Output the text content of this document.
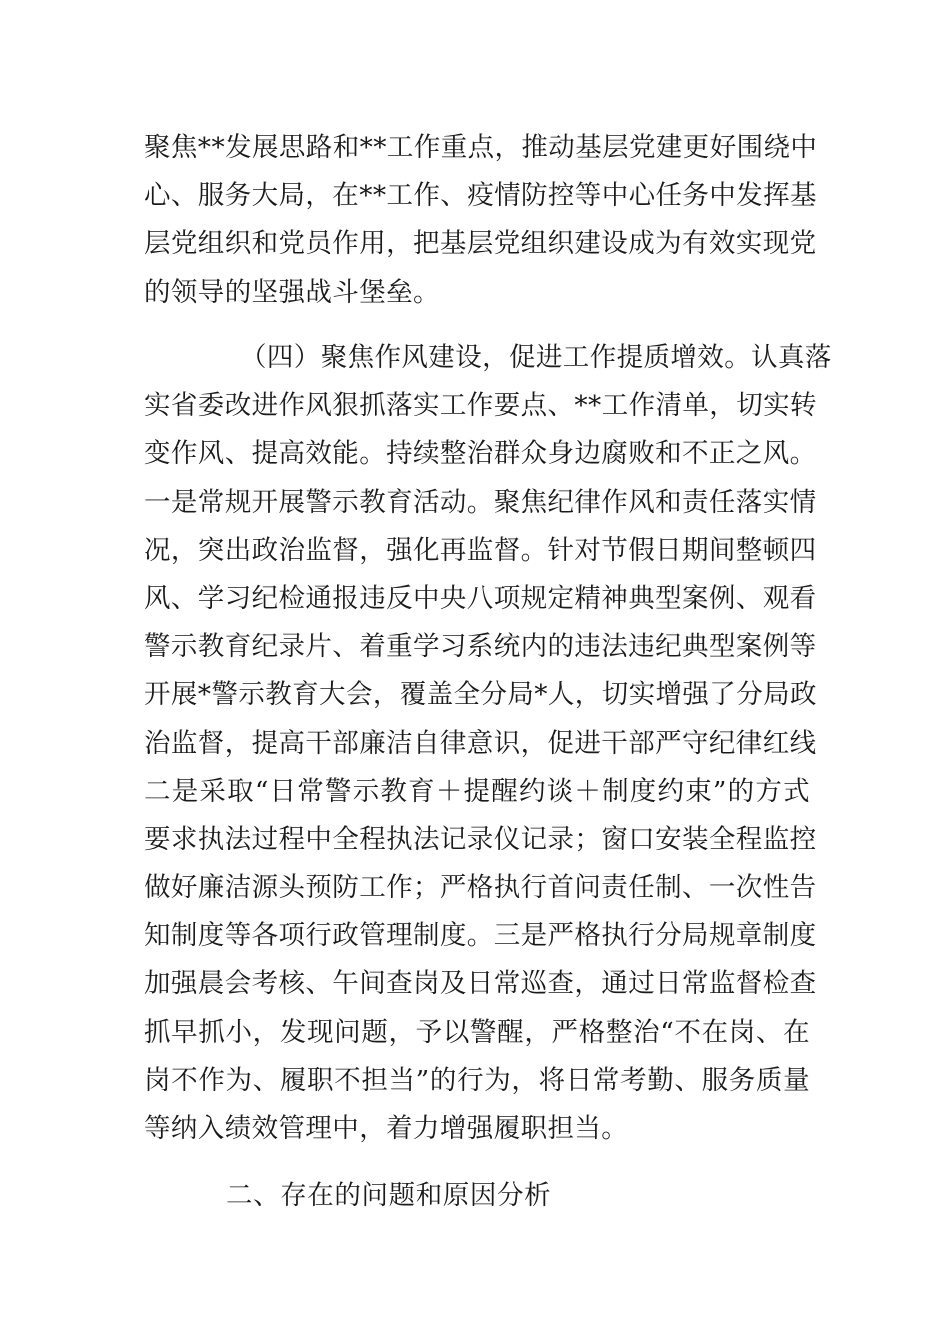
聚焦**发展思路和**工作重点，推动基层党建更好围绕中
心、服务大局，在**工作、疫情防控等中心任务中发挥基
层党组织和党员作用，把基层党组织建设成为有效实现党
的领导的坚强战斗堡垒。
（四）聚焦作风建设，促进工作提质增效。认真落
实省委改进作风狠抓落实工作要点、**工作清单，切实转
变作风、提高效能。持续整治群众身边腐败和不正之风。
一是常规开展警示教育活动。聚焦纪律作风和责任落实情
况，突出政治监督，强化再监督。针对节假日期间整顿四
风、学习纪检通报违反中央八项规定精神典型案例、观看
警示教育纪录片、着重学习系统内的违法违纪典型案例等
开展*警示教育大会，覆盖全分局*人，切实增强了分局政
治监督，提高干部廉洁自律意识，促进干部严守纪律红线
二是采取“日常警示教育＋提醒约谈＋制度约束”的方式
要求执法过程中全程执法记录仪记录；窗口安装全程监控
做好廉洁源头预防工作；严格执行首问责任制、一次性告
知制度等各项行政管理制度。三是严格执行分局规章制度
加强晨会考核、午间查岗及日常巡查，通过日常监督检查
抓早抓小，发现问题，予以警醒，严格整治“不在岗、在
岗不作为、履职不担当”的行为，将日常考勤、服务质量
等纳入绩效管理中，着力增强履职担当。
二、存在的问题和原因分析
